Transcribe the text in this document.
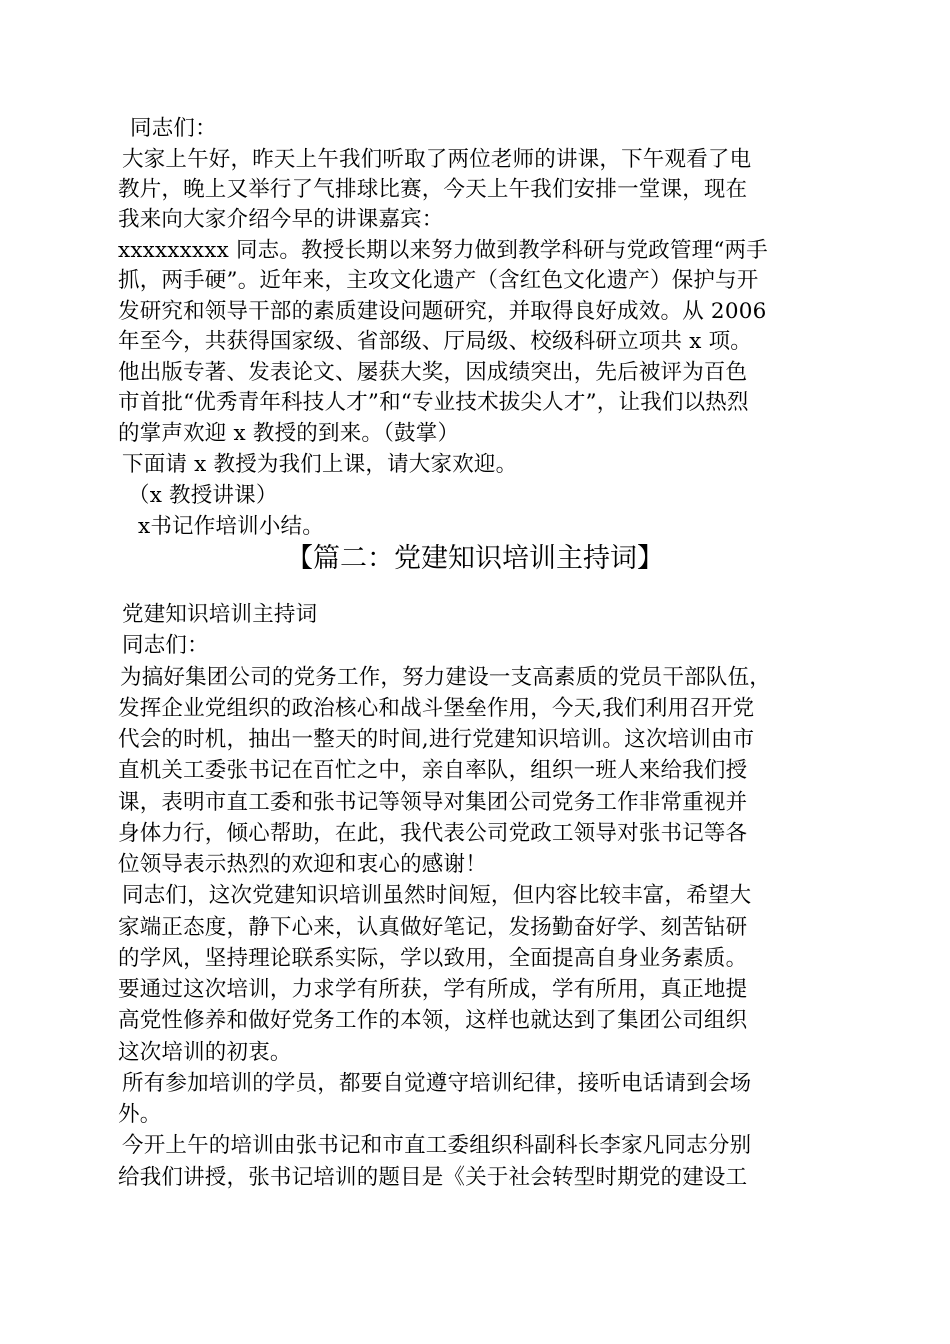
同志们：
大家上午好，昨天上午我们听取了两位老师的讲课，下午观看了电
教片，晚上又举行了气排球比赛，今天上午我们安排一堂课，现在
我来向大家介绍今早的讲课嘉宾：
xxxxxxxxx 同志。教授长期以来努力做到教学科研与党政管理“两手
抓，两手硬”。近年来，主攻文化遗产（含红色文化遗产）保护与开
发研究和领导干部的素质建设问题研究，并取得良好成效。从 2006
年至今，共获得国家级、省部级、厅局级、校级科研立项共 x 项。
他出版专著、发表论文、屡获大奖，因成绩突出，先后被评为百色
市首批“优秀青年科技人才”和“专业技术拔尖人才”，让我们以热烈
的掌声欢迎 x 教授的到来。（鼓掌）
下面请 x 教授为我们上课，请大家欢迎。
（x 教授讲课）
x书记作培训小结。
【篇二：党建知识培训主持词】
党建知识培训主持词
同志们：
为搞好集团公司的党务工作，努力建设一支高素质的党员干部队伍，
发挥企业党组织的政治核心和战斗堡垒作用，今天,我们利用召开党
代会的时机，抽出一整天的时间,进行党建知识培训。这次培训由市
直机关工委张书记在百忙之中，亲自率队，组织一班人来给我们授
课，表明市直工委和张书记等领导对集团公司党务工作非常重视并
身体力行，倾心帮助，在此，我代表公司党政工领导对张书记等各
位领导表示热烈的欢迎和衷心的感谢！
同志们，这次党建知识培训虽然时间短，但内容比较丰富，希望大
家端正态度，静下心来，认真做好笔记，发扬勤奋好学、刻苦钻研
的学风，坚持理论联系实际，学以致用，全面提高自身业务素质。
要通过这次培训，力求学有所获，学有所成，学有所用，真正地提
高党性修养和做好党务工作的本领，这样也就达到了集团公司组织
这次培训的初衷。
所有参加培训的学员，都要自觉遵守培训纪律，接听电话请到会场
外。
今开上午的培训由张书记和市直工委组织科副科长李家凡同志分别
给我们讲授，张书记培训的题目是《关于社会转型时期党的建设工
